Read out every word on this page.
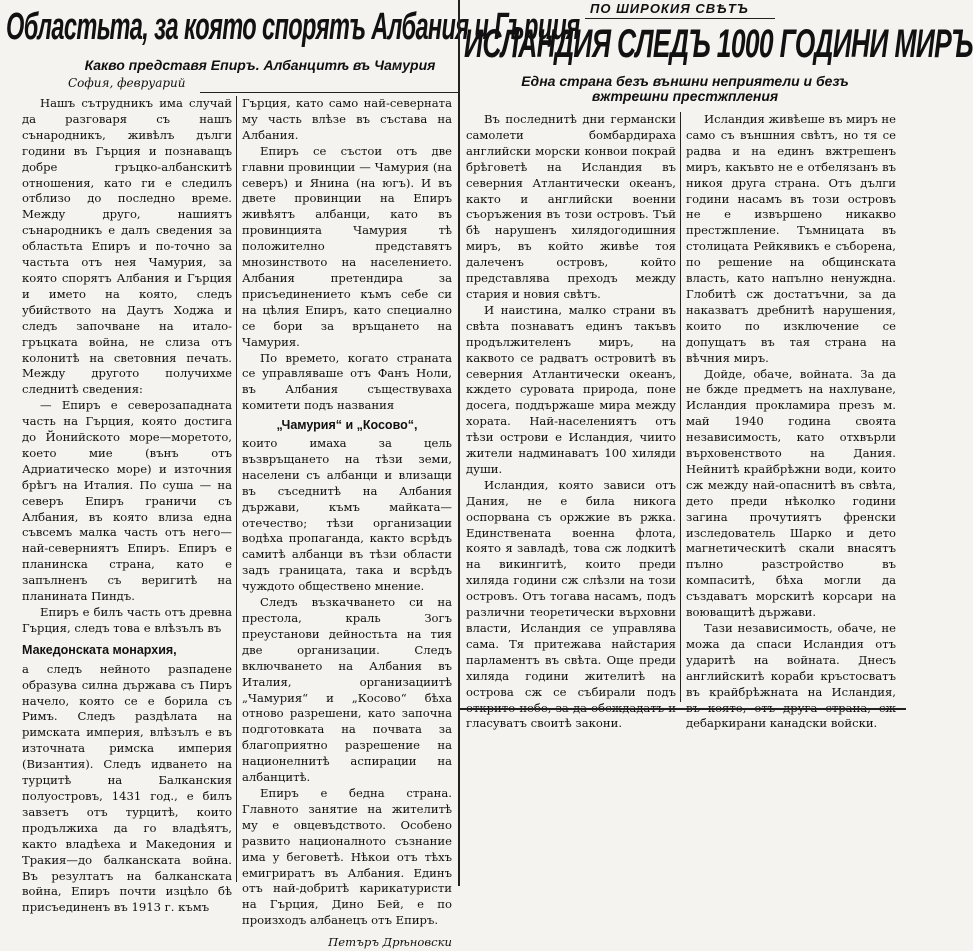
Областьта, за която спорятъ Албания и Гърция
Какво представя Епиръ. Албанцитѣ въ Чамурия
София, февруарий

Нашъ сътрудникъ има случай да разговаря съ нашъ сънародникъ, живѣлъ дълги години въ Гърция и познаващъ добре гръцко-албанскитѣ отношения, като ги е следилъ отблизо до последно време. Между друго, нашиятъ сънародникъ е далъ сведения за областьта Епиръ и по-точно за частьта отъ нея Чамурия, за която спорятъ Албания и Гърция и името на която, следъ убийството на Даутъ Ходжа и следъ започване на итало-гръцката война, не слиза отъ колонитѣ на световния печать. Между другото получихме следнитѣ сведения:

— Епиръ е северозападната часть на Гърция, която достига до Йонийското море—моретото, което мие (вънъ отъ Адриатическо море) и източния брѣгъ на Италия. По суша — на северъ Епиръ граничи съ Албания, въ която влиза една съвсемъ малка часть отъ него— най-северниятъ Епиръ. Епиръ е планинска страна, като е запълненъ съ веригитѣ на планината Пиндъ.

Епиръ е билъ часть отъ древна Гърция, следъ това е влѣзълъ въ

Македонската монархия,

а следъ нейното разпадене образува силна държава съ Пиръ начело, която се е борила съ Римъ. Следъ раздѣлата на римската империя, влѣзълъ е въ източната римска империя (Византия). Следъ идването на турцитѣ на Балканския полуостровъ, 1431 год., е билъ завзетъ отъ турцитѣ, които продължиха да го владѣятъ, както владѣеха и Македония и Тракия—до балканската война. Въ резултатъ на балканската война, Епиръ почти изцѣло бѣ присъединенъ въ 1913 г. къмъ

Гърция, като само най-северната му часть влѣзе въ състава на Албания.

Епиръ се състои отъ две главни провинции — Чамурия (на северъ) и Янина (на югъ). И въ двете провинции на Епиръ живѣятъ албанци, като въ провинцията Чамурия тѣ положително представятъ мнозинството на населението. Албания претендира за присъединението къмъ себе си на цѣлия Епиръ, като специално се бори за връщането на Чамурия.

По времето, когато страната се управляваше отъ Фанъ Ноли, въ Албания съществуваха комитети подъ названия

„Чамурия“ и „Косово“,

които имаха за цель възвръщането на тѣзи земи, населени съ албанци и влизащи въ съседнитѣ на Албания държави, къмъ майката—отечество; тѣзи организации водѣха пропаганда, както всрѣдъ самитѣ албанци въ тѣзи области задъ границата, така и всрѣдъ чуждото обществено мнение.

Следъ възкачването си на престола, краль Зогъ преустанови дейностьта на тия две организации. Следъ включването на Албания въ Италия, организациитѣ „Чамурия“ и „Косово“ бѣха отново разрешени, като започна подготовката на почвата за благоприятно разрешение на национелнитѣ аспирации на албанцитѣ.

Епиръ е бедна страна. Главното занятие на жителитѣ му е овцевъдството. Особено развито националното съзнание има у беговетѣ. Нѣкои отъ тѣхъ емигриратъ въ Албания. Единъ отъ най-добритѣ карикатуристи на Гърция, Дино Бей, е по произходъ албанецъ отъ Епиръ.

Петъръ Дрѣновски
ПО ШИРОКИЯ СВѢТЪ
ИСЛАНДИЯ СЛЕДЪ 1000 ГОДИНИ МИРЪ
Една страна безъ външни неприятели и безъ вжтрешни престжпления

Въ последнитѣ дни германски самолети бомбардираха английски морски конвои покрай брѣговетѣ на Исландия въ северния Атлантически океанъ, както и английски военни съоръжения въ този островъ. Тъй бѣ нарушенъ хилядогодишния миръ, въ който живѣе тоя далеченъ островъ, който представлява преходъ между стария и новия свѣтъ.

И наистина, малко страни въ свѣта познаватъ единъ такъвъ продължителенъ миръ, на каквото се радватъ островитѣ въ северния Атлантически океанъ, кждето суровата природа, поне досега, поддържаше мира между хората. Най-населениятъ отъ тѣзи острови е Исландия, чиито жители надминаватъ 100 хиляди души.

Исландия, която зависи отъ Дания, не е била никога оспорвана съ оржжие въ ржка. Единствената военна флота, която я завладѣ, това сж лодкитѣ на викингитѣ, които преди хиляда години сж слѣзли на този островъ. Отъ тогава насамъ, подъ различни теоретически върховни власти, Исландия се управлява сама. Тя притежава найстария парламентъ въ свѣта. Още преди хиляда години жителитѣ на острова сж се събирали подъ открито небе, за да обсждадатъ и гласуватъ своитѣ закони.

Исландия живѣеше въ миръ не само съ външния свѣтъ, но тя се радва и на единъ вжтрешенъ миръ, какъвто не е отбелязанъ въ никоя друга страна. Отъ дълги години насамъ въ този островъ не е извършено никакво престжпление. Тъмницата въ столицата Рейкявикъ е съборена, по решение на общинската власть, като напълно ненуждна. Глобитѣ сж достатъчни, за да наказватъ дребнитѣ нарушения, които по изключение се допущатъ въ тая страна на вѣчния миръ.

Дойде, обаче, войната. За да не бжде предметъ на нахлуване, Исландия прокламира презъ м. май 1940 година своята независимость, като отхвърли върховенството на Дания. Нейнитѣ крайбрѣжни води, които сж между най-опаснитѣ въ свѣта, дето преди нѣколко години загина прочутиятъ френски изследователь Шарко и дето магнетическитѣ скали внасятъ пълно разстройство въ компаситѣ, бѣха могли да създаватъ морскитѣ корсари на воюващитѣ държави.

Тази независимость, обаче, не можа да спаси Исландия отъ ударитѣ на войната. Днесъ английскитѣ кораби кръстосватъ въ крайбрѣжната на Исландия, въ която, отъ друга страна, сж дебаркирани канадски войски.
